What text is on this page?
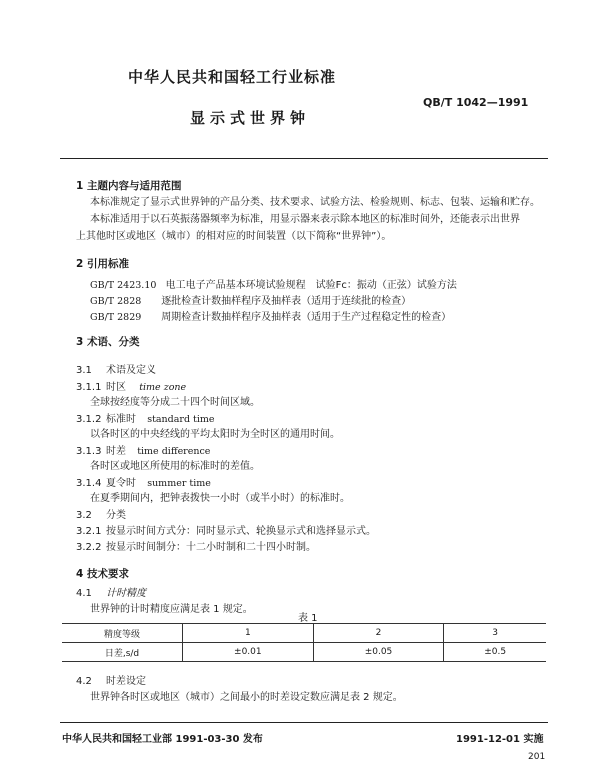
中华人民共和国轻工行业标准
QB/T 1042—1991
显示式世界钟
1 主题内容与适用范围
本标准规定了显示式世界钟的产品分类、技术要求、试验方法、检验规则、标志、包装、运输和贮存。
本标准适用于以石英振荡器频率为标准，用显示器来表示除本地区的标准时间外，还能表示出世界
上其他时区或地区（城市）的相对应的时间装置（以下简称“世界钟”）。
2 引用标准
GB/T 2423.10 电工电子产品基本环境试验规程　试验Fc：振动（正弦）试验方法
GB/T 2828 逐批检查计数抽样程序及抽样表（适用于连续批的检查）
GB/T 2829 周期检查计数抽样程序及抽样表（适用于生产过程稳定性的检查）
3 术语、分类
3.1 术语及定义
3.1.1 时区 time zone
全球按经度等分成二十四个时间区域。
3.1.2 标准时 standard time
以各时区的中央经线的平均太阳时为全时区的通用时间。
3.1.3 时差 time difference
各时区或地区所使用的标准时的差值。
3.1.4 夏令时 summer time
在夏季期间内，把钟表拨快一小时（或半小时）的标准时。
3.2 分类
3.2.1 按显示时间方式分：同时显示式、轮换显示式和选择显示式。
3.2.2 按显示时间制分：十二小时制和二十四小时制。
4 技术要求
4.1 计时精度
世界钟的计时精度应满足表 1 规定。
表 1
精度等级	1	2	3
日差,s/d	±0.01	±0.05	±0.5
4.2 时差设定
世界钟各时区或地区（城市）之间最小的时差设定数应满足表 2 规定。
中华人民共和国轻工业部 1991-03-30 发布	1991-12-01 实施
201
